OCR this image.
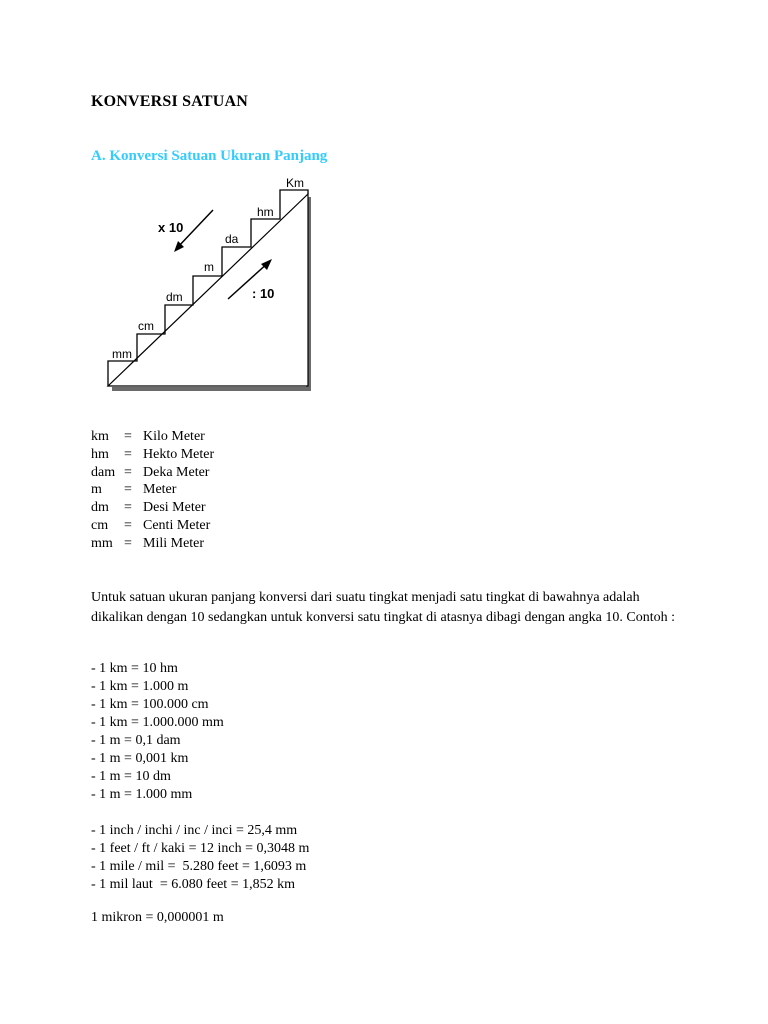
KONVERSI SATUAN
A. Konversi Satuan Ukuran Panjang
mm
cm
dm
m
da
hm
Km
x 10
: 10
km	= Kilo Meter
hm	= Hekto Meter
dam = Deka Meter
m	= Meter
dm	= Desi Meter
cm	= Centi Meter
mm = Mili Meter

Untuk satuan ukuran panjang konversi dari suatu tingkat menjadi satu tingkat di bawahnya adalah dikalikan dengan 10 sedangkan untuk konversi satu tingkat di atasnya dibagi dengan angka 10. Contoh :

- 1 km = 10 hm
- 1 km = 1.000 m
- 1 km = 100.000 cm
- 1 km = 1.000.000 mm
- 1 m = 0,1 dam
- 1 m = 0,001 km
- 1 m = 10 dm
- 1 m = 1.000 mm
- 1 inch / inchi / inc / inci = 25,4 mm
- 1 feet / ft / kaki = 12 inch = 0,3048 m
- 1 mile / mil =  5.280 feet = 1,6093 m
- 1 mil laut  = 6.080 feet = 1,852 km

1 mikron = 0,000001 m
